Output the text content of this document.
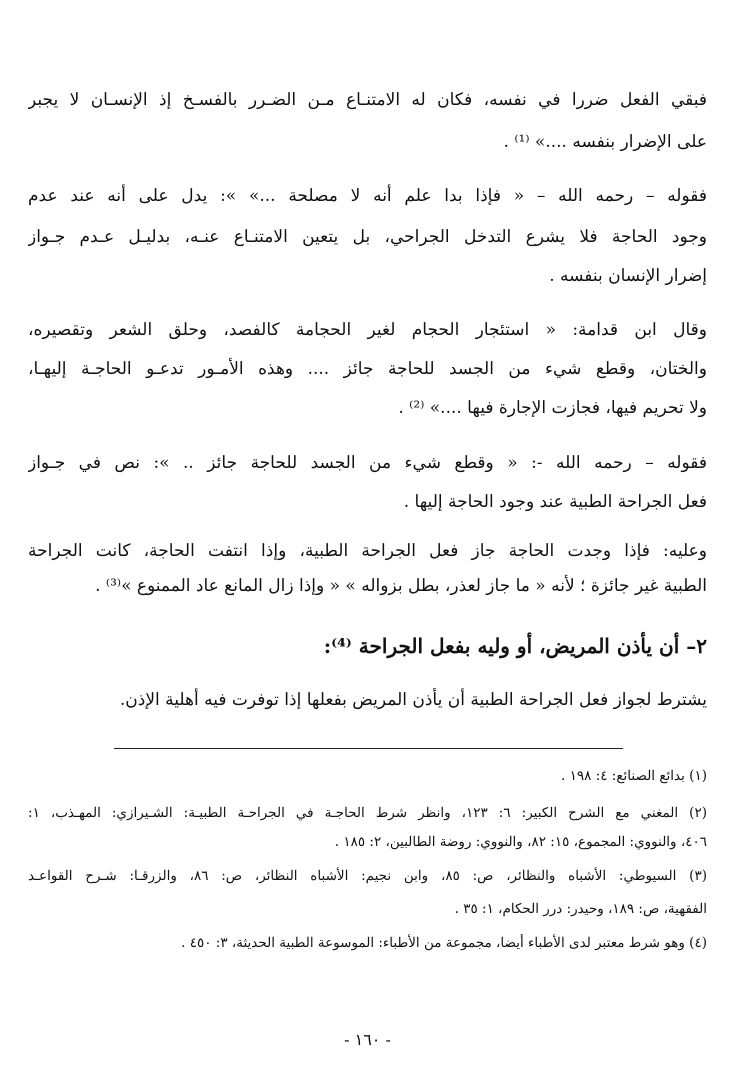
فبقي الفعل ضررا في نفسه، فكان له الامتنـاع مـن الضـرر بالفسـخ إذ الإنسـان لا يجبر
على الإضرار بنفسه ....» ⁽¹⁾ .
فقوله – رحمه الله – « فإذا بدا علم أنه لا مصلحة ...» »: يدل على أنه عند عدم
وجود الحاجة فلا يشرع التدخل الجراحي، بل يتعين الامتنـاع عنـه، بدليـل عـدم جـواز
إضرار الإنسان بنفسه .
وقال ابن قدامة: « استئجار الحجام لغير الحجامة كالفصد، وحلق الشعر وتقصيره،
والختان، وقطع شيء من الجسد للحاجة جائز .... وهذه الأمـور تدعـو الحاجـة إليهـا،
ولا تحريم فيها، فجازت الإجارة فيها ....» ⁽²⁾ .
فقوله – رحمه الله -: « وقطع شيء من الجسد للحاجة جائز .. »: نص في جـواز
فعل الجراحة الطبية عند وجود الحاجة إليها .
وعليه: فإذا وجدت الحاجة جاز فعل الجراحة الطبية، وإذا انتفت الحاجة، كانت الجراحة
الطبية غير جائزة ؛ لأنه « ما جاز لعذر، بطل بزواله » « وإذا زال المانع عاد الممنوع »⁽³⁾ .
٢– أن يأذن المريض، أو وليه بفعل الجراحة ⁽⁴⁾:
يشترط لجواز فعل الجراحة الطبية أن يأذن المريض بفعلها إذا توفرت فيه أهلية الإذن.
(١) بدائع الصنائع: ٤: ١٩٨ .
(٢) المغني مع الشرح الكبير: ٦: ١٢٣، وانظر شرط الحاجـة في الجراحـة الطبيـة: الشـيرازي: المهـذب، ١:
٤٠٦، والنووي: المجموع، ١٥: ٨٢، والنووي: روضة الطالبين، ٢: ١٨٥ .
(٣) السيوطي: الأشباه والنظائر، ص: ٨٥، وابن نجيم: الأشباه النظائر، ص: ٨٦، والزرقـا: شـرح القواعـد
الفقهية، ص: ١٨٩، وحيدر: درر الحكام، ١: ٣٥ .
(٤) وهو شرط معتبر لدى الأطباء أيضا، مجموعة من الأطباء: الموسوعة الطبية الحديثة، ٣: ٤٥٠ .
- ١٦٠ -
